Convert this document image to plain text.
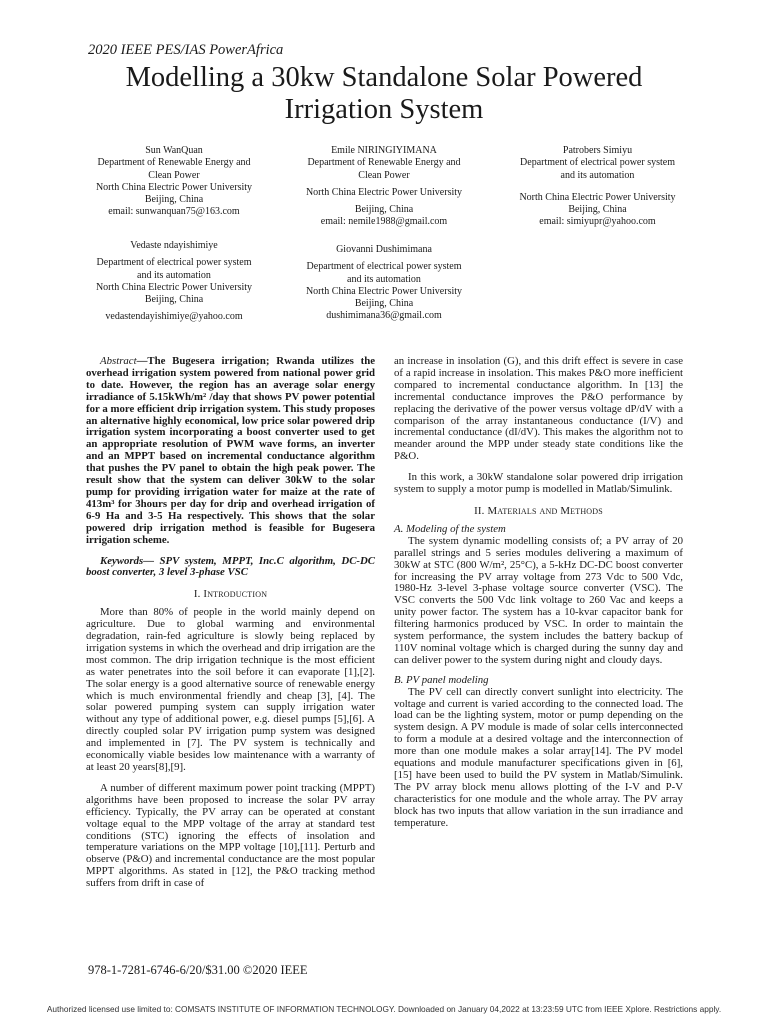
2020 IEEE PES/IAS PowerAfrica
Modelling a 30kw Standalone Solar Powered
Irrigation System
Sun WanQuan
Department of Renewable Energy and
Clean Power
North China Electric Power University
Beijing, China
email: sunwanquan75@163.com
Emile NIRINGIYIMANA
Department of Renewable Energy and
Clean Power
North China Electric Power University
Beijing, China
email: nemile1988@gmail.com
Patrobers Simiyu
Department of electrical power system
and its automation
North China Electric Power University
Beijing, China
email: simiyupr@yahoo.com
Vedaste ndayishimiye
Department of electrical power system
and its automation
North China Electric Power University
Beijing, China
vedastendayishimiye@yahoo.com
Giovanni Dushimimana
Department of electrical power system
and its automation
North China Electric Power University
Beijing, China
dushimimana36@gmail.com

Abstract—The Bugesera irrigation; Rwanda utilizes the overhead irrigation system powered from national power grid to date. However, the region has an average solar energy irradiance of 5.15kWh/m² /day that shows PV power potential for a more efficient drip irrigation system. This study proposes an alternative highly economical, low price solar powered drip irrigation system incorporating a boost converter used to get an appropriate resolution of PWM wave forms, an inverter and an MPPT based on incremental conductance algorithm that pushes the PV panel to obtain the high peak power. The result show that the system can deliver 30kW to the solar pump for providing irrigation water for maize at the rate of 413m³ for 3hours per day for drip and overhead irrigation of 6-9 Ha and 3-5 Ha respectively. This shows that the solar powered drip irrigation method is feasible for Bugesera irrigation scheme.

Keywords— SPV system, MPPT, Inc.C algorithm, DC-DC boost converter, 3 level 3-phase VSC

I. Introduction

More than 80% of people in the world mainly depend on agriculture. Due to global warming and environmental degradation, rain-fed agriculture is slowly being replaced by irrigation systems in which the overhead and drip irrigation are the most common. The drip irrigation technique is the most efficient as water penetrates into the soil before it can evaporate [1],[2]. The solar energy is a good alternative source of renewable energy which is much environmental friendly and cheap [3], [4]. The solar powered pumping system can supply irrigation water without any type of additional power, e.g. diesel pumps [5],[6]. A directly coupled solar PV irrigation pump system was designed and implemented in [7]. The PV system is technically and economically viable besides low maintenance with a warranty of at least 20 years[8],[9].

A number of different maximum power point tracking (MPPT) algorithms have been proposed to increase the solar PV array efficiency. Typically, the PV array can be operated at constant voltage equal to the MPP voltage of the array at standard test conditions (STC) ignoring the effects of insolation and temperature variations on the MPP voltage [10],[11]. Perturb and observe (P&O) and incremental conductance are the most popular MPPT algorithms. As stated in [12], the P&O tracking method suffers from drift in case of

an increase in insolation (G), and this drift effect is severe in case of a rapid increase in insolation. This makes P&O more inefficient compared to incremental conductance algorithm. In [13] the incremental conductance improves the P&O performance by replacing the derivative of the power versus voltage dP/dV with a comparison of the array instantaneous conductance (I/V) and incremental conductance (dI/dV). This makes the algorithm not to meander around the MPP under steady state conditions like the P&O.

In this work, a 30kW standalone solar powered drip irrigation system to supply a motor pump is modelled in Matlab/Simulink.

II. Materials and Methods

A. Modeling of the system

The system dynamic modelling consists of; a PV array of 20 parallel strings and 5 series modules delivering a maximum of 30kW at STC (800 W/m², 25°C), a 5-kHz DC-DC boost converter for increasing the PV array voltage from 273 Vdc to 500 Vdc, 1980-Hz 3-level 3-phase voltage source converter (VSC). The VSC converts the 500 Vdc link voltage to 260 Vac and keeps a unity power factor. The system has a 10-kvar capacitor bank for filtering harmonics produced by VSC. In order to maintain the system performance, the system includes the battery backup of 110V nominal voltage which is charged during the sunny day and can deliver power to the system during night and cloudy days.

B. PV panel modeling

The PV cell can directly convert sunlight into electricity. The voltage and current is varied according to the connected load. The load can be the lighting system, motor or pump depending on the system design. A PV module is made of solar cells interconnected to form a module at a desired voltage and the interconnection of more than one module makes a solar array[14]. The PV model equations and module manufacturer specifications given in [6],[15] have been used to build the PV system in Matlab/Simulink. The PV array block menu allows plotting of the I-V and P-V characteristics for one module and the whole array. The PV array block has two inputs that allow variation in the sun irradiance and temperature.

978-1-7281-6746-6/20/$31.00 ©2020 IEEE
Authorized licensed use limited to: COMSATS INSTITUTE OF INFORMATION TECHNOLOGY. Downloaded on January 04,2022 at 13:23:59 UTC from IEEE Xplore. Restrictions apply.
